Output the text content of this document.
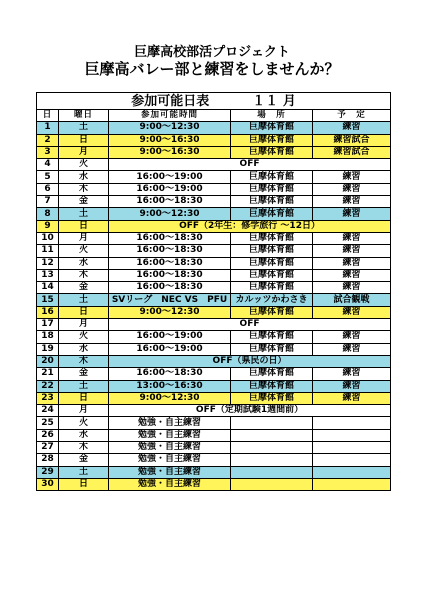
巨摩高校部活プロジェクト
巨摩高バレー部と練習をしませんか？
参加可能日表 １１ 月				
日	曜日	参加可能時間	場　所	予　定
1	土	9:00～12:30	巨摩体育館	練習
2	日	9:00～16:30	巨摩体育館	練習試合
3	月	9:00～16:30	巨摩体育館	練習試合
4	火	OFF		
5	水	16:00～19:00	巨摩体育館	練習
6	木	16:00～19:00	巨摩体育館	練習
7	金	16:00～18:30	巨摩体育館	練習
8	土	9:00～12:30	巨摩体育館	練習
9	日	OFF（2年生：修学旅行 ～12日）		
10	月	16:00～18:30	巨摩体育館	練習
11	火	16:00～18:30	巨摩体育館	練習
12	水	16:00～18:30	巨摩体育館	練習
13	木	16:00～18:30	巨摩体育館	練習
14	金	16:00～18:30	巨摩体育館	練習
15	土	SVリーグ　NEC VS　PFU	カルッツかわさき	試合観戦
16	日	9:00～12:30	巨摩体育館	練習
17	月	OFF		
18	火	16:00～19:00	巨摩体育館	練習
19	水	16:00～19:00	巨摩体育館	練習
20	木	OFF（県民の日）		
21	金	16:00～18:30	巨摩体育館	練習
22	土	13:00～16:30	巨摩体育館	練習
23	日	9:00～12:30	巨摩体育館	練習
24	月	OFF（定期試験1週間前）		
25	火	勉強・自主練習		
26	水	勉強・自主練習		
27	木	勉強・自主練習		
28	金	勉強・自主練習		
29	土	勉強・自主練習		
30	日	勉強・自主練習		
